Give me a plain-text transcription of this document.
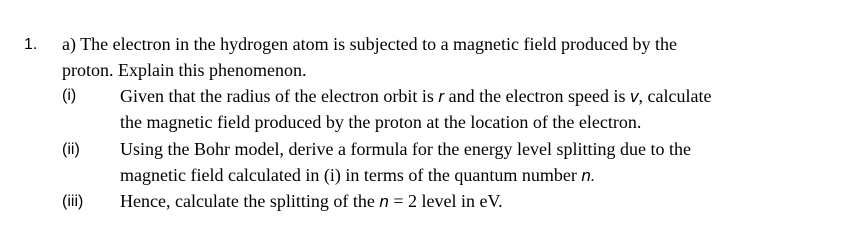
1. a) The electron in the hydrogen atom is subjected to a magnetic field produced by the
proton. Explain this phenomenon.
(i) Given that the radius of the electron orbit is r and the electron speed is v, calculate
the magnetic field produced by the proton at the location of the electron.
(ii) Using the Bohr model, derive a formula for the energy level splitting due to the
magnetic field calculated in (i) in terms of the quantum number n.
(iii) Hence, calculate the splitting of the n = 2 level in eV.
